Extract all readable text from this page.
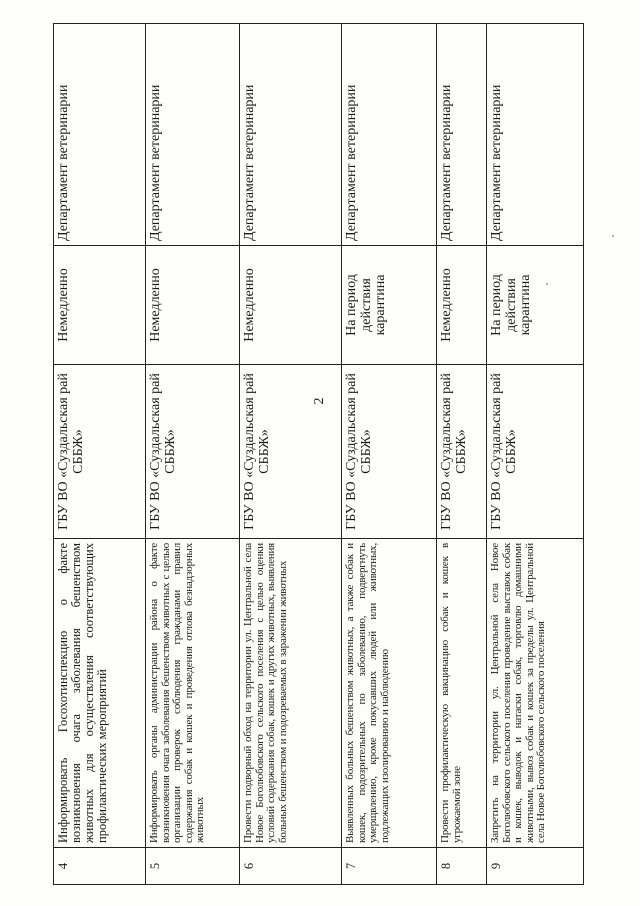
2
4	Информировать Госохотинспекцию о факте возникновения очага заболевания бешенством животных для осуществления соответствующих профилактических мероприятий	ГБУ ВО «Суздальская рай СББЖ»	Немедленно	Департамент ветеринарии
5	Информировать органы администрации района о факте возникновения очага заболевания бешенством животных с целью организации проверок соблюдения гражданами правил содержания собак и кошек и проведения отлова безнадзорных животных	ГБУ ВО «Суздальская рай СББЖ»	Немедленно	Департамент ветеринарии
6	Провести подворный обход на территории ул. Центральной села Новое Боголюбовского сельского поселения с целью оценки условий содержания собак, кошек и других животных, выявления больных бешенством и подозреваемых в заражении животных	ГБУ ВО «Суздальская рай СББЖ»	Немедленно	Департамент ветеринарии
7	Выявленных больных бешенством животных, а также собак и кошек, подозрительных по заболеванию, подвергнуть умерщвлению, кроме покусавших людей или животных, подлежащих изолированию и наблюдению	ГБУ ВО «Суздальская рай СББЖ»	На период действия карантина	Департамент ветеринарии
8	Провести профилактическую вакцинацию собак и кошек в угрожаемой зоне	ГБУ ВО «Суздальская рай СББЖ»	Немедленно	Департамент ветеринарии
9	Запретить на территории ул. Центральной села Новое Боголюбовского сельского поселения проведение выставок собак и кошек, выводок и натаски собак, торговлю домашними животными, вывоз собак и кошек за пределы ул. Центральной села Новое Боголюбовского сельского поселения	ГБУ ВО «Суздальская рай СББЖ»	На период действия карантина	Департамент ветеринарии
